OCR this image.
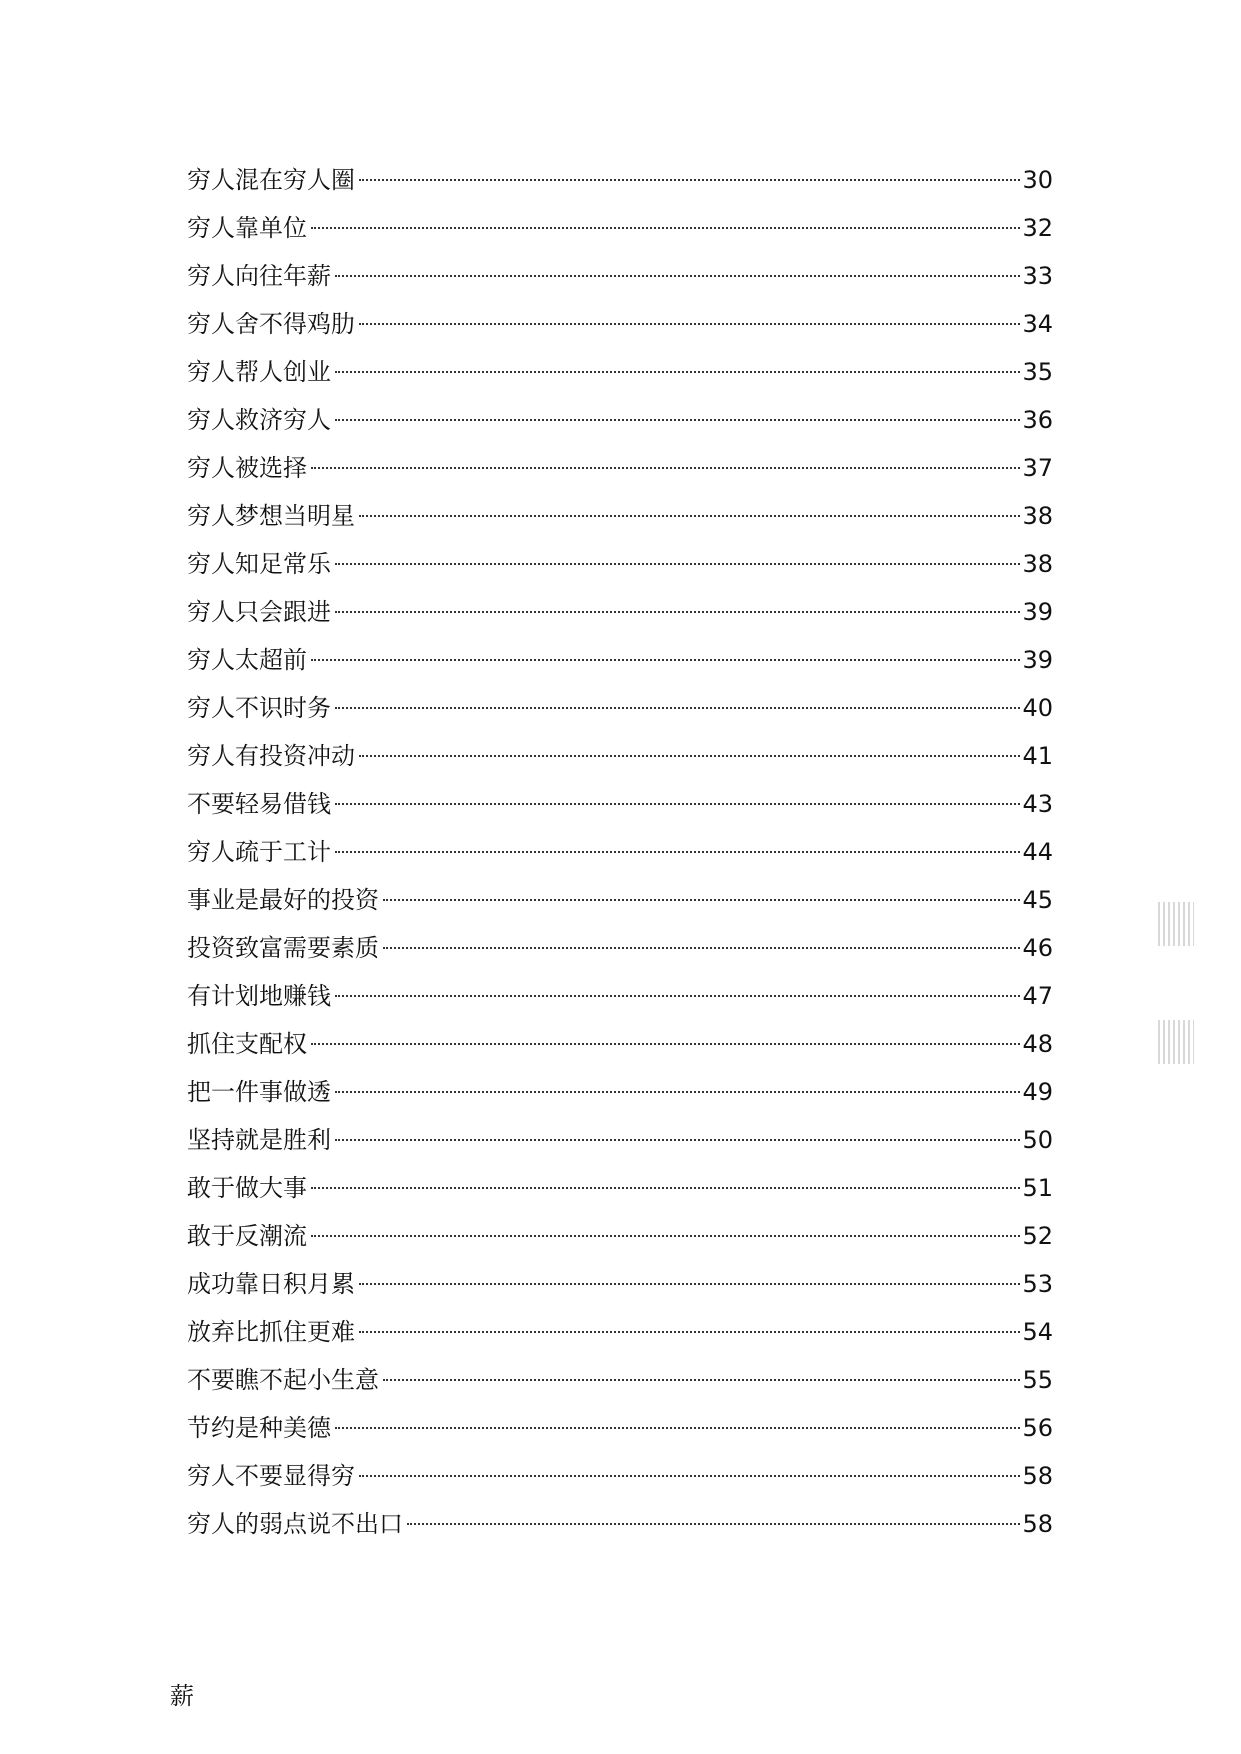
穷人混在穷人圈	30
穷人靠单位	32
穷人向往年薪	33
穷人舍不得鸡肋	34
穷人帮人创业	35
穷人救济穷人	36
穷人被选择	37
穷人梦想当明星	38
穷人知足常乐	38
穷人只会跟进	39
穷人太超前	39
穷人不识时务	40
穷人有投资冲动	41
不要轻易借钱	43
穷人疏于工计	44
事业是最好的投资	45
投资致富需要素质	46
有计划地赚钱	47
抓住支配权	48
把一件事做透	49
坚持就是胜利	50
敢于做大事	51
敢于反潮流	52
成功靠日积月累	53
放弃比抓住更难	54
不要瞧不起小生意	55
节约是种美德	56
穷人不要显得穷	58
穷人的弱点说不出口	58
薪
